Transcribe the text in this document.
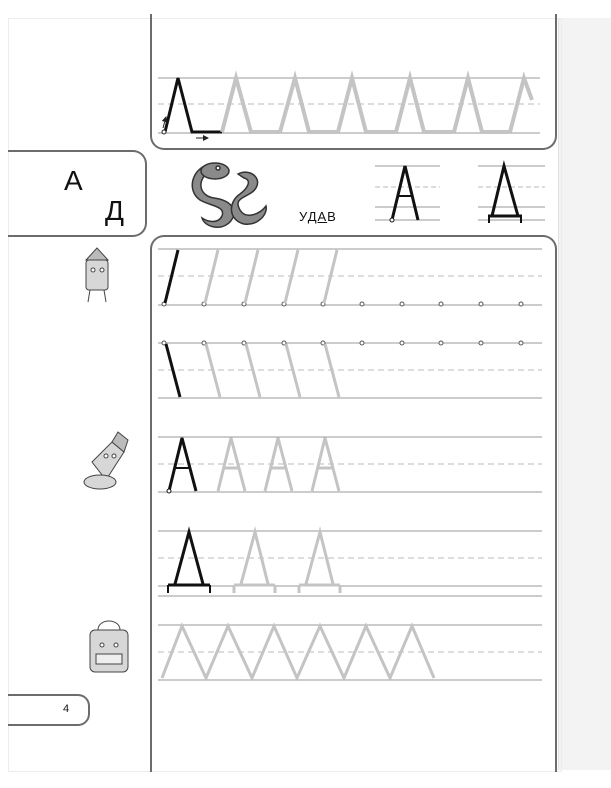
А
Д	УДАВ
4
